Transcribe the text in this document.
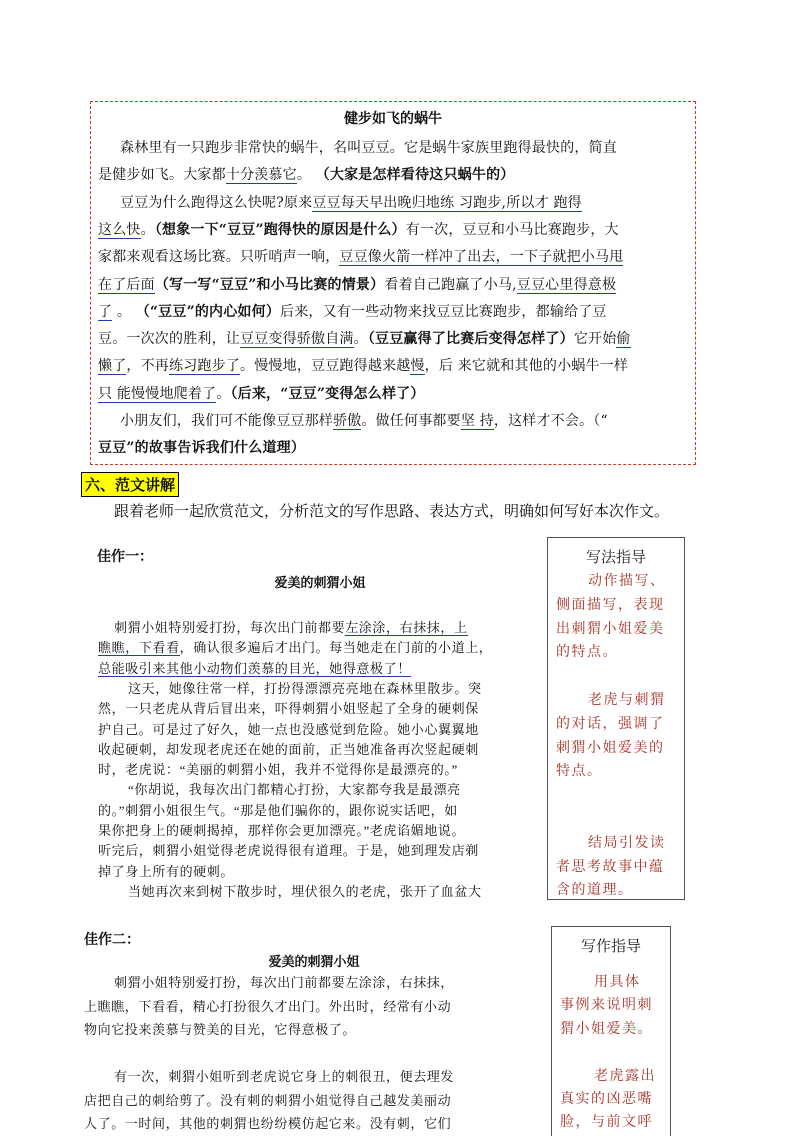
健步如飞的蜗牛
森林里有一只跑步非常快的蜗牛，名叫豆豆。它是蜗牛家族里跑得最快的，简直
是健步如飞。大家都十分羡慕它。 （大家是怎样看待这只蜗牛的）
豆豆为什么跑得这么快呢?原来豆豆每天早出晚归地练 习跑步,所以才 跑得
这么快。（想象一下“豆豆”跑得快的原因是什么）有一次，豆豆和小马比赛跑步，大
家都来观看这场比赛。只听哨声一响，豆豆像火箭一样冲了出去，一下子就把小马甩
在了后面（写一写“豆豆”和小马比赛的情景）看着自己跑赢了小马,豆豆心里得意极
了 。 （“豆豆”的内心如何）后来，又有一些动物来找豆豆比赛跑步，都输给了豆
豆。一次次的胜利，让豆豆变得骄傲自满。（豆豆赢得了比赛后变得怎样了）它开始偷
懒了，不再练习跑步了。慢慢地，豆豆跑得越来越慢，后 来它就和其他的小蜗牛一样
只 能慢慢地爬着了。（后来，“豆豆”变得怎么样了）
小朋友们，我们可不能像豆豆那样骄傲。做任何事都要坚 持，这样才不会。（“
豆豆”的故事告诉我们什么道理）
六、范文讲解
跟着老师一起欣赏范文，分析范文的写作思路、表达方式，明确如何写好本次作文。
佳作一：
爱美的刺猬小姐
刺猬小姐特别爱打扮，每次出门前都要左涂涂，右抹抹，上
瞧瞧，下看看，确认很多遍后才出门。每当她走在门前的小道上，
总能吸引来其他小动物们羡慕的目光，她得意极了！
这天，她像往常一样，打扮得漂漂亮亮地在森林里散步。突
然，一只老虎从背后冒出来，吓得刺猬小姐竖起了全身的硬刺保
护自己。可是过了好久，她一点也没感觉到危险。她小心翼翼地
收起硬刺，却发现老虎还在她的面前，正当她准备再次竖起硬刺
时，老虎说：“美丽的刺猬小姐，我并不觉得你是最漂亮的。”
“你胡说，我每次出门都精心打扮，大家都夸我是最漂亮
的。”刺猬小姐很生气。“那是他们骗你的，跟你说实话吧，如
果你把身上的硬刺揭掉，那样你会更加漂亮。”老虎谄媚地说。
听完后，刺猬小姐觉得老虎说得很有道理。于是，她到理发店剃
掉了身上所有的硬刺。
当她再次来到树下散步时，埋伏很久的老虎，张开了血盆大
写法指导
动作描写、
侧面描写，表现
出刺猬小姐爱美
的特点。
老虎与刺猬
的对话，强调了
刺猬小姐爱美的
特点。
结局引发读
者思考故事中蕴
含的道理。
佳作二：
爱美的刺猬小姐
刺猬小姐特别爱打扮，每次出门前都要左涂涂，右抹抹，
上瞧瞧，下看看，精心打扮很久才出门。外出时，经常有小动
物向它投来羡慕与赞美的目光，它得意极了。
有一次，刺猬小姐听到老虎说它身上的刺很丑，便去理发
店把自己的刺给剪了。没有刺的刺猬小姐觉得自己越发美丽动
人了。一时间，其他的刺猬也纷纷模仿起它来。没有刺，它们
写作指导
用具体
事例来说明刺
猬小姐爱美。
老虎露出
真实的凶恶嘴
脸，与前文呼
